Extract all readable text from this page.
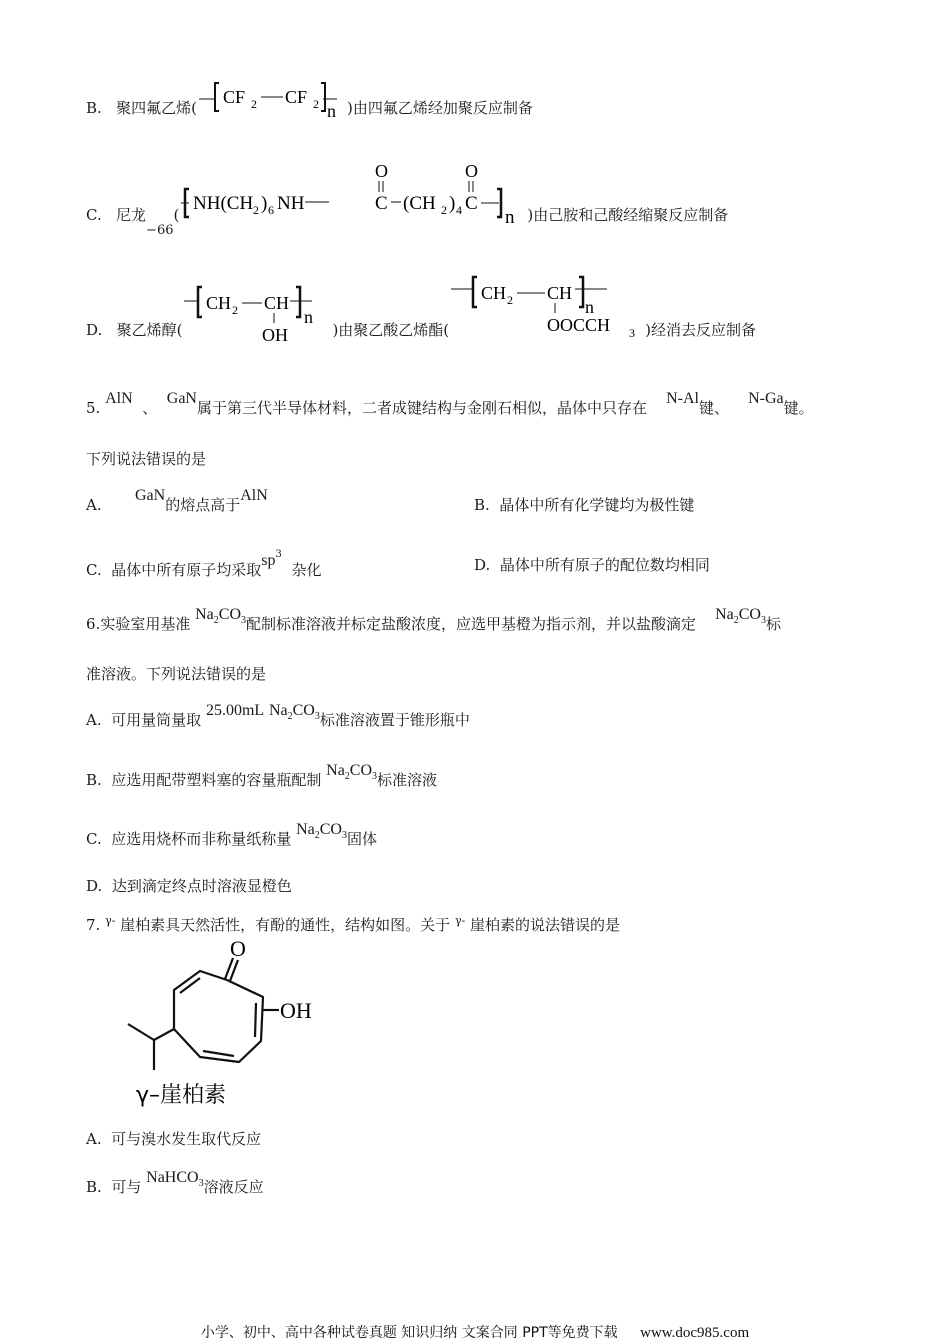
B. 聚四氟乙烯(
CF 2 CF 2 n )由四氟乙烯经加聚反应制备
C. 尼龙−66(
NH(CH 2 ) 6 NH	C
O
(CH 2 ) 4 C
O
n )由己胺和己酸经缩聚反应制备
D. 聚乙烯醇(
CH 2 CH
OH
n
)由聚乙酸乙烯酯(
CH 2 CH
n
OOCCH 3 )经消去反应制备
5. AlN  、  GaN属于第三代半导体材料，二者成键结构与金刚石相似，晶体中只存在    N-Al键、    N-Ga键。
下列说法错误的是
A.       GaN的熔点高于AlN
B. 晶体中所有化学键均为极性键
C. 晶体中所有原子均采取$sp^3$  杂化	D. 晶体中所有原子的配位数均相同
6.实验室用基准 $Na_2CO_3$配制标准溶液并标定盐酸浓度，应选甲基橙为指示剂，并以盐酸滴定    $Na_2CO_3$标
准溶液。下列说法错误的是
A. 可用量筒量取 25.00mL $Na_2CO_3$标准溶液置于锥形瓶中
B. 应选用配带塑料塞的容量瓶配制 $Na_2CO_3$标准溶液
C. 应选用烧杯而非称量纸称量 $Na_2CO_3$固体
D. 达到滴定终点时溶液显橙色
7. $^{\gamma-}$ 崖柏素具天然活性，有酚的通性，结构如图。关于 $^{\gamma-}$ 崖柏素的说法错误的是
O
OH
γ–崖柏素
A. 可与溴水发生取代反应
B. 可与 NaHCO$_3$溶液反应
小学、初中、高中各种试卷真题 知识归纳 文案合同 PPT等免费下载 www.doc985.com
